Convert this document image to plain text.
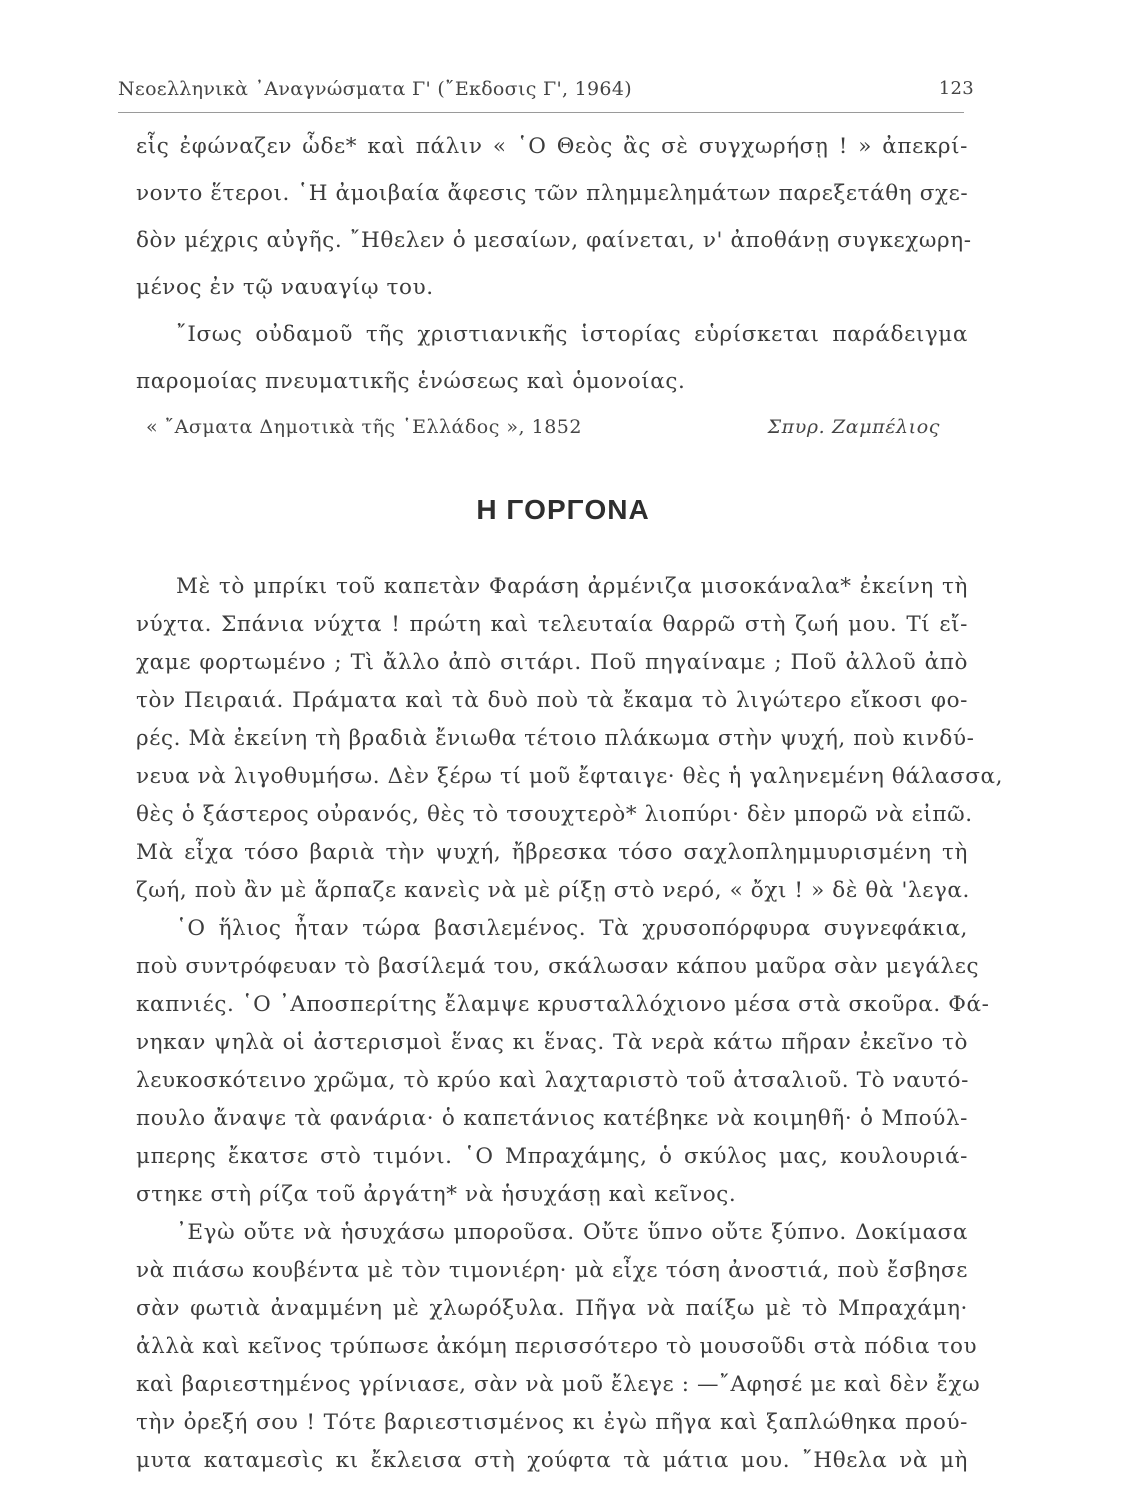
Νεοελληνικὰ ᾿Αναγνώσματα Γ' (῎Εκδοσις Γ', 1964)	123
εἷς ἐφώναζεν ὧδε* καὶ πάλιν « ῾Ο Θεὸς ἂς σὲ συγχωρήσῃ ! » ἀπεκρί-
νοντο ἕτεροι. ῾Η ἀμοιβαία ἄφεσις τῶν πλημμελημάτων παρεξετάθη σχε-
δὸν μέχρις αὐγῆς. ῎Ηθελεν ὁ μεσαίων, φαίνεται, ν' ἀποθάνῃ συγκεχωρη-
μένος ἐν τῷ ναυαγίῳ του.
῎Ισως οὐδαμοῦ τῆς χριστιανικῆς ἱστορίας εὑρίσκεται παράδειγμα
παρομοίας πνευματικῆς ἑνώσεως καὶ ὁμονοίας.
« ῎Ασματα Δημοτικὰ τῆς ῾Ελλάδος », 1852	Σπυρ. Ζαμπέλιος
Η ΓΟΡΓΟΝΑ
Μὲ τὸ μπρίκι τοῦ καπετὰν Φαράση ἀρμένιζα μισοκάναλα* ἐκείνη τὴ
νύχτα. Σπάνια νύχτα ! πρώτη καὶ τελευταία θαρρῶ στὴ ζωή μου. Τί εἴ-
χαμε φορτωμένο ; Τὶ ἄλλο ἀπὸ σιτάρι. Ποῦ πηγαίναμε ; Ποῦ ἀλλοῦ ἀπὸ
τὸν Πειραιά. Πράματα καὶ τὰ δυὸ ποὺ τὰ ἔκαμα τὸ λιγώτερο εἴκοσι φο-
ρές. Μὰ ἐκείνη τὴ βραδιὰ ἔνιωθα τέτοιο πλάκωμα στὴν ψυχή, ποὺ κινδύ-
νευα νὰ λιγοθυμήσω. Δὲν ξέρω τί μοῦ ἔφταιγε· θὲς ἡ γαληνεμένη θάλασσα,
θὲς ὁ ξάστερος οὐρανός, θὲς τὸ τσουχτερὸ* λιοπύρι· δὲν μπορῶ νὰ εἰπῶ.
Μὰ εἶχα τόσο βαριὰ τὴν ψυχή, ἤβρεσκα τόσο σαχλοπλημμυρισμένη τὴ
ζωή, ποὺ ἂν μὲ ἅρπαζε κανεὶς νὰ μὲ ρίξῃ στὸ νερό, « ὄχι ! » δὲ θὰ 'λεγα.
῾Ο ἥλιος ἦταν τώρα βασιλεμένος. Τὰ χρυσοπόρφυρα συγνεφάκια,
ποὺ συντρόφευαν τὸ βασίλεμά του, σκάλωσαν κάπου μαῦρα σὰν μεγάλες
καπνιές. ῾Ο ᾿Αποσπερίτης ἔλαμψε κρυσταλλόχιονο μέσα στὰ σκοῦρα. Φά-
νηκαν ψηλὰ οἱ ἀστερισμοὶ ἕνας κι ἕνας. Τὰ νερὰ κάτω πῆραν ἐκεῖνο τὸ
λευκοσκότεινο χρῶμα, τὸ κρύο καὶ λαχταριστὸ τοῦ ἀτσαλιοῦ. Τὸ ναυτό-
πουλο ἄναψε τὰ φανάρια· ὁ καπετάνιος κατέβηκε νὰ κοιμηθῆ· ὁ Μπούλ-
μπερης ἔκατσε στὸ τιμόνι. ῾Ο Μπραχάμης, ὁ σκύλος μας, κουλουριά-
στηκε στὴ ρίζα τοῦ ἀργάτη* νὰ ἡσυχάσῃ καὶ κεῖνος.
᾿Εγὼ οὔτε νὰ ἡσυχάσω μποροῦσα. Οὔτε ὕπνο οὔτε ξύπνο. Δοκίμασα
νὰ πιάσω κουβέντα μὲ τὸν τιμονιέρη· μὰ εἶχε τόση ἀνοστιά, ποὺ ἔσβησε
σὰν φωτιὰ ἀναμμένη μὲ χλωρόξυλα. Πῆγα νὰ παίξω μὲ τὸ Μπραχάμη·
ἀλλὰ καὶ κεῖνος τρύπωσε ἀκόμη περισσότερο τὸ μουσοῦδι στὰ πόδια του
καὶ βαριεστημένος γρίνιασε, σὰν νὰ μοῦ ἔλεγε : —῎Αφησέ με καὶ δὲν ἔχω
τὴν ὀρεξή σου ! Τότε βαριεστισμένος κι ἐγὼ πῆγα καὶ ξαπλώθηκα πρού-
μυτα καταμεσὶς κι ἔκλεισα στὴ χούφτα τὰ μάτια μου. ῎Ηθελα νὰ μὴ
